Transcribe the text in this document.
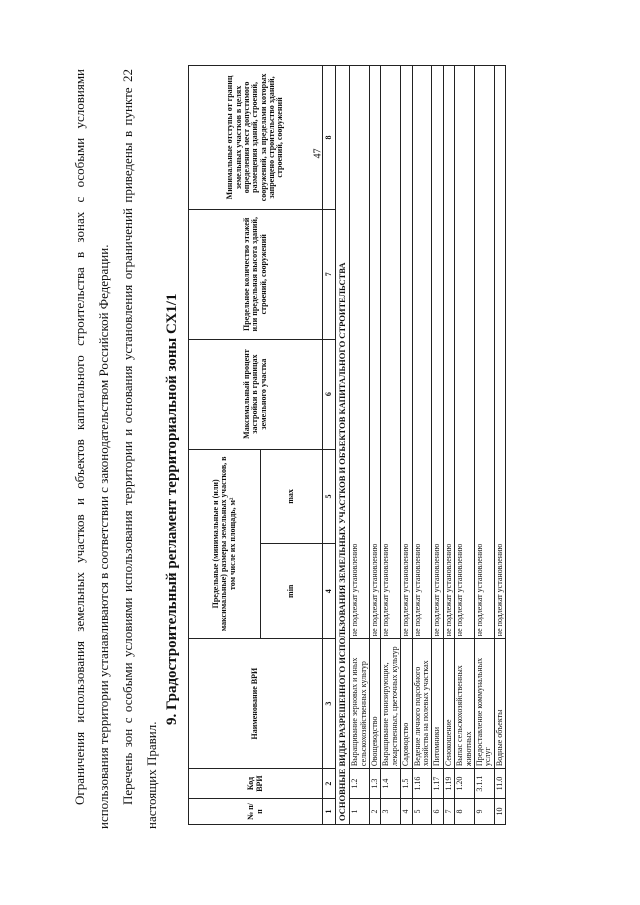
47
Ограничения использования земельных участков и объектов капитального строительства в зонах с особыми условиями использования территории устанавливаются в соответствии с законодательством Российской Федерации. Перечень зон с особыми условиями использования территории и основания установления ограничений приведены в пункте 22 настоящих Правил.
9. Градостроительный регламент территориальной зоны СХ1/1
№ п/п	Код ВРИ	Наименование ВРИ	Предельные (минимальные и (или) максимальные) размеры земельных участков, в том числе их площадь, м²		Максимальный процент застройки в границах земельного участка	Предельное количество этажей или предельная высота зданий, строений, сооружений	Минимальные отступы от границ земельных участков в целях определения мест допустимого размещения зданий, строений, сооружений, за пределами которых запрещено строительство зданий, строений, сооружений
			min	max			
1	2	3	4	5	6	7	8
ОСНОВНЫЕ ВИДЫ РАЗРЕШЕННОГО ИСПОЛЬЗОВАНИЯ ЗЕМЕЛЬНЫХ УЧАСТКОВ И ОБЪЕКТОВ КАПИТАЛЬНОГО СТРОИТЕЛЬСТВА							
1	1.2	Выращивание зерновых и иных сельскохозяйственных культур	не подлежат установлению				
2	1.3	Овощеводство	не подлежат установлению				
3	1.4	Выращивание тонизирующих, лекарственных, цветочных культур	не подлежат установлению				
4	1.5	Садоводство	не подлежат установлению				
5	1.16	Ведение личного подсобного хозяйства на полевых участках	не подлежат установлению				
6	1.17	Питомники	не подлежат установлению				
7	1.19	Сенокошение	не подлежат установлению				
8	1.20	Выпас сельскохозяйственных животных	не подлежат установлению				
9	3.1.1	Предоставление коммунальных услуг	не подлежат установлению				
10	11.0	Водные объекты	не подлежат установлению				
